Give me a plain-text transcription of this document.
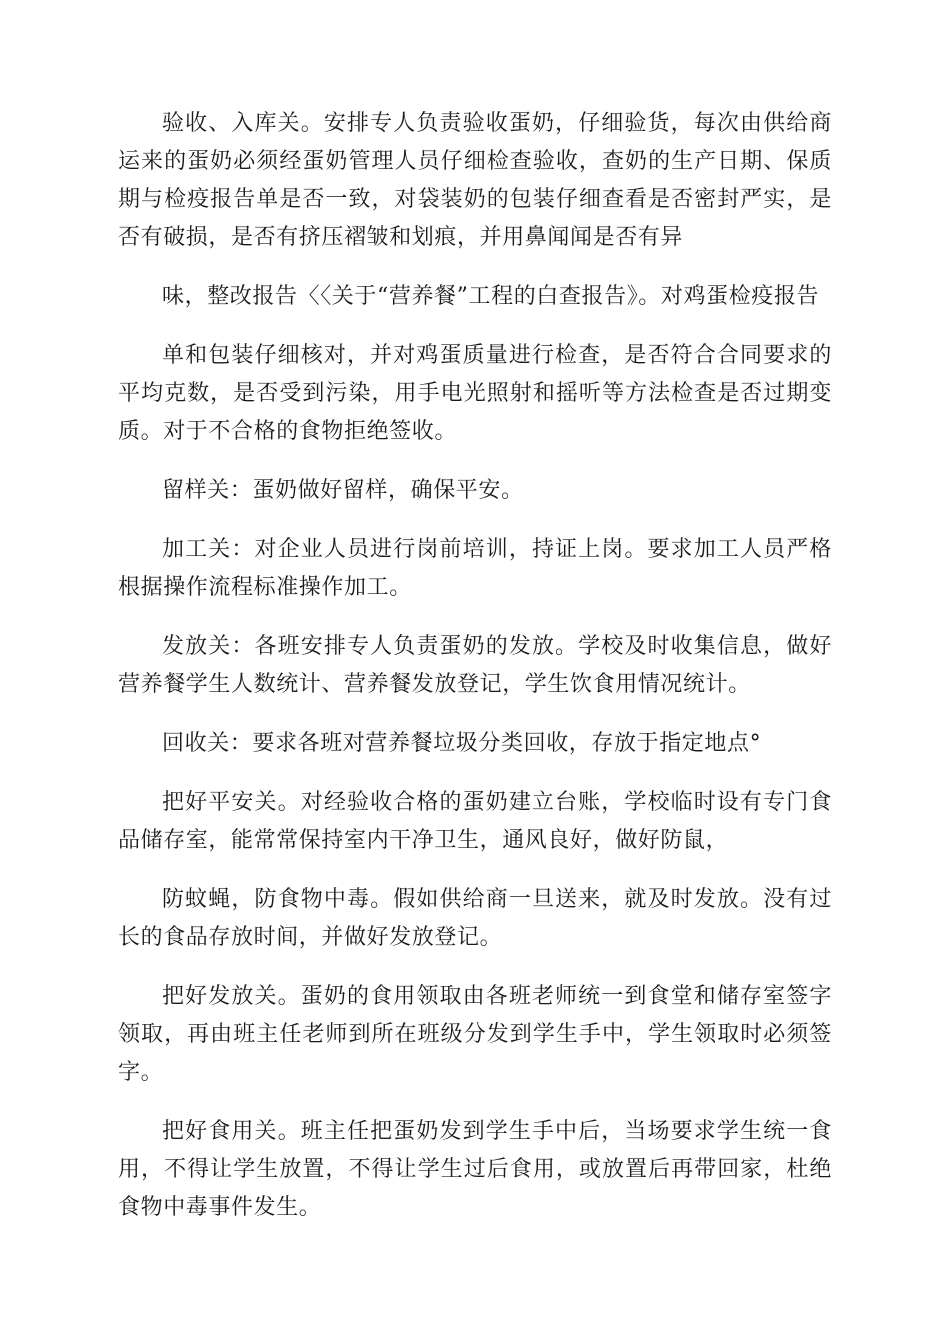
验收、入库关。安排专人负责验收蛋奶，仔细验货，每次由供给商运来的蛋奶必须经蛋奶管理人员仔细检查验收，查奶的生产日期、保质期与检疫报告单是否一致，对袋装奶的包装仔细查看是否密封严实，是否有破损，是否有挤压褶皱和划痕，并用鼻闻闻是否有异

味，整改报告〈〈关于“营养餐”工程的白查报告》。对鸡蛋检疫报告

单和包装仔细核对，并对鸡蛋质量进行检查，是否符合合同要求的平均克数，是否受到污染，用手电光照射和摇听等方法检查是否过期变质。对于不合格的食物拒绝签收。

留样关：蛋奶做好留样，确保平安。

加工关：对企业人员进行岗前培训，持证上岗。要求加工人员严格根据操作流程标准操作加工。

发放关：各班安排专人负责蛋奶的发放。学校及时收集信息，做好营养餐学生人数统计、营养餐发放登记，学生饮食用情况统计。

回收关：要求各班对营养餐垃圾分类回收，存放于指定地点°

把好平安关。对经验收合格的蛋奶建立台账，学校临时设有专门食品储存室，能常常保持室内干净卫生，通风良好，做好防鼠，

防蚊蝇，防食物中毒。假如供给商一旦送来，就及时发放。没有过长的食品存放时间，并做好发放登记。

把好发放关。蛋奶的食用领取由各班老师统一到食堂和储存室签字领取，再由班主任老师到所在班级分发到学生手中，学生领取时必须签字。

把好食用关。班主任把蛋奶发到学生手中后，当场要求学生统一食用，不得让学生放置，不得让学生过后食用，或放置后再带回家，杜绝食物中毒事件发生。
